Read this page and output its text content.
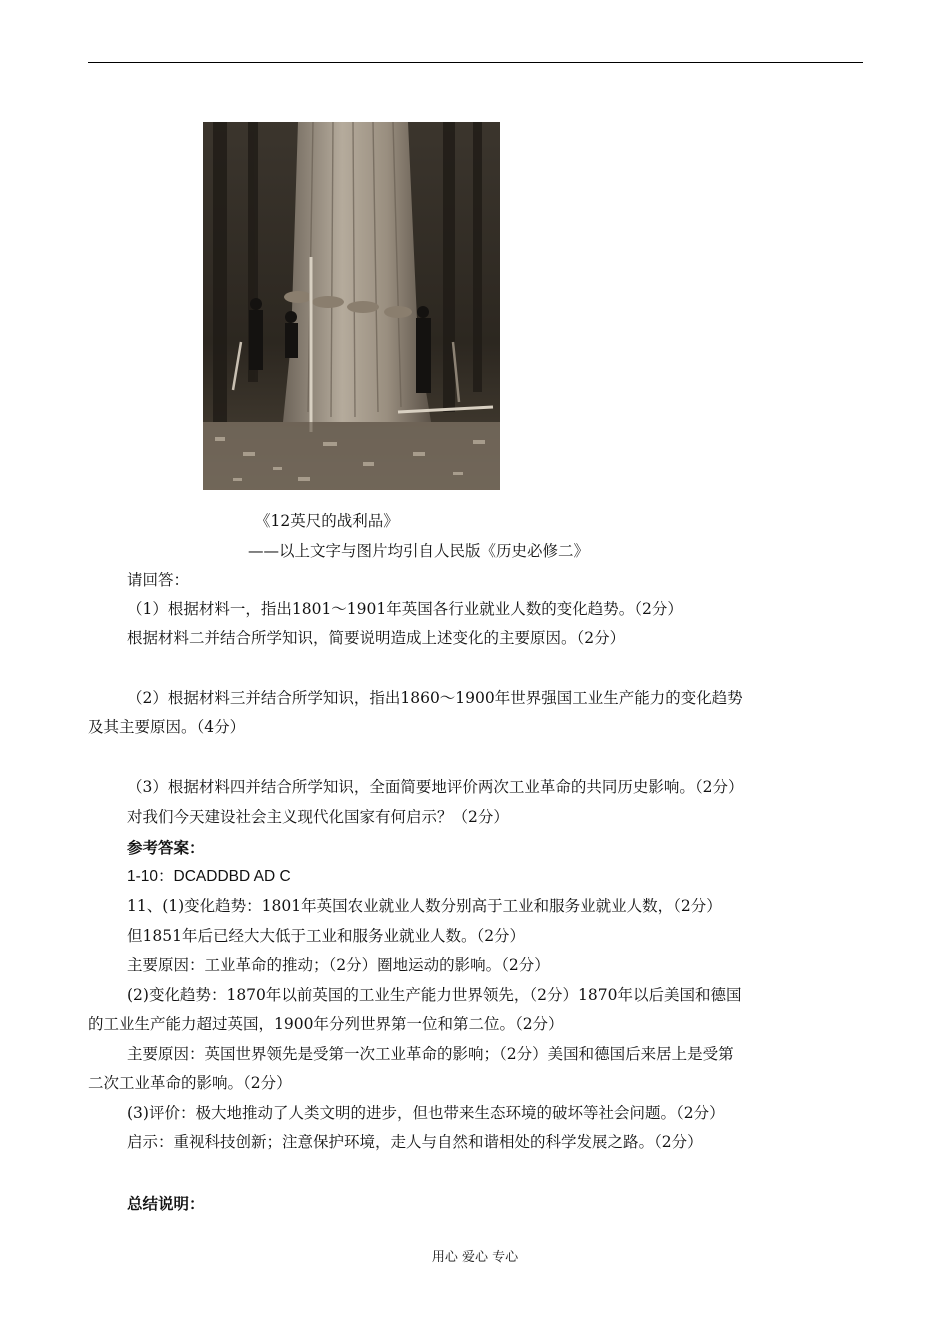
《12英尺的战利品》
——以上文字与图片均引自人民版《历史必修二》
请回答：
（1）根据材料一，指出1801～1901年英国各行业就业人数的变化趋势。（2分）
根据材料二并结合所学知识，简要说明造成上述变化的主要原因。（2分）
（2）根据材料三并结合所学知识，指出1860～1900年世界强国工业生产能力的变化趋势
及其主要原因。（4分）
（3）根据材料四并结合所学知识，全面简要地评价两次工业革命的共同历史影响。（2分）
对我们今天建设社会主义现代化国家有何启示？（2分）
参考答案：
1-10：DCADDBD AD C
11、(1)变化趋势：1801年英国农业就业人数分别高于工业和服务业就业人数，（2分）
但1851年后已经大大低于工业和服务业就业人数。（2分）
主要原因：工业革命的推动；（2分）圈地运动的影响。（2分）
(2)变化趋势：1870年以前英国的工业生产能力世界领先，（2分）1870年以后美国和德国
的工业生产能力超过英国，1900年分列世界第一位和第二位。（2分）
主要原因：英国世界领先是受第一次工业革命的影响；（2分）美国和德国后来居上是受第
二次工业革命的影响。（2分）
(3)评价：极大地推动了人类文明的进步，但也带来生态环境的破坏等社会问题。（2分）
启示：重视科技创新；注意保护环境，走人与自然和谐相处的科学发展之路。（2分）
总结说明：
用心 爱心 专心
